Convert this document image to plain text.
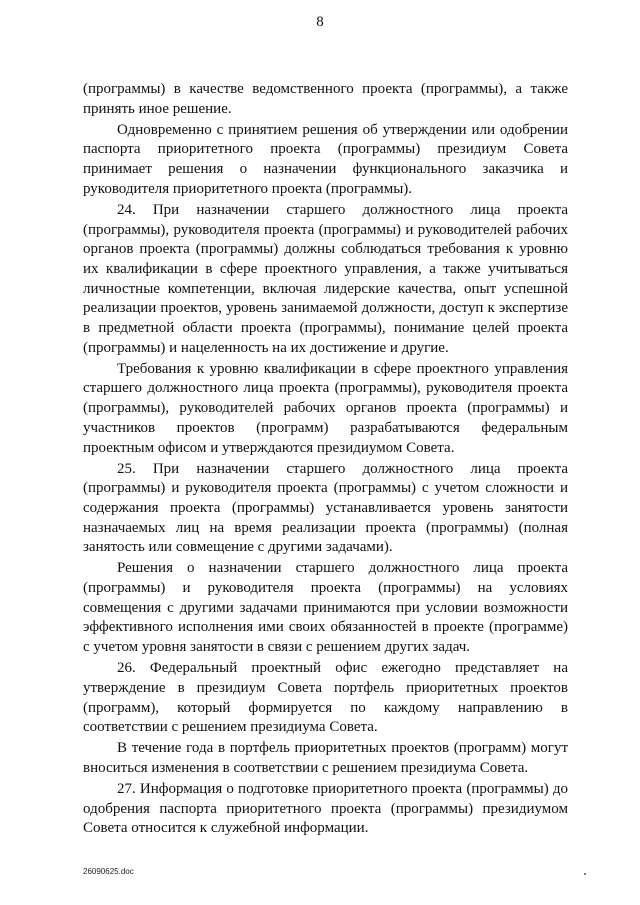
8

(программы) в качестве ведомственного проекта (программы), а также принять иное решение.

Одновременно с принятием решения об утверждении или одобрении паспорта приоритетного проекта (программы) президиум Совета принимает решения о назначении функционального заказчика и руководителя приоритетного проекта (программы).

24. При назначении старшего должностного лица проекта (программы), руководителя проекта (программы) и руководителей рабочих органов проекта (программы) должны соблюдаться требования к уровню их квалификации в сфере проектного управления, а также учитываться личностные компетенции, включая лидерские качества, опыт успешной реализации проектов, уровень занимаемой должности, доступ к экспертизе в предметной области проекта (программы), понимание целей проекта (программы) и нацеленность на их достижение и другие.

Требования к уровню квалификации в сфере проектного управления старшего должностного лица проекта (программы), руководителя проекта (программы), руководителей рабочих органов проекта (программы) и участников проектов (программ) разрабатываются федеральным проектным офисом и утверждаются президиумом Совета.

25. При назначении старшего должностного лица проекта (программы) и руководителя проекта (программы) с учетом сложности и содержания проекта (программы) устанавливается уровень занятости назначаемых лиц на время реализации проекта (программы) (полная занятость или совмещение с другими задачами).

Решения о назначении старшего должностного лица проекта (программы) и руководителя проекта (программы) на условиях совмещения с другими задачами принимаются при условии возможности эффективного исполнения ими своих обязанностей в проекте (программе) с учетом уровня занятости в связи с решением других задач.

26. Федеральный проектный офис ежегодно представляет на утверждение в президиум Совета портфель приоритетных проектов (программ), который формируется по каждому направлению в соответствии с решением президиума Совета.

В течение года в портфель приоритетных проектов (программ) могут вноситься изменения в соответствии с решением президиума Совета.

27. Информация о подготовке приоритетного проекта (программы) до одобрения паспорта приоритетного проекта (программы) президиумом Совета относится к служебной информации.

26090625.doc
